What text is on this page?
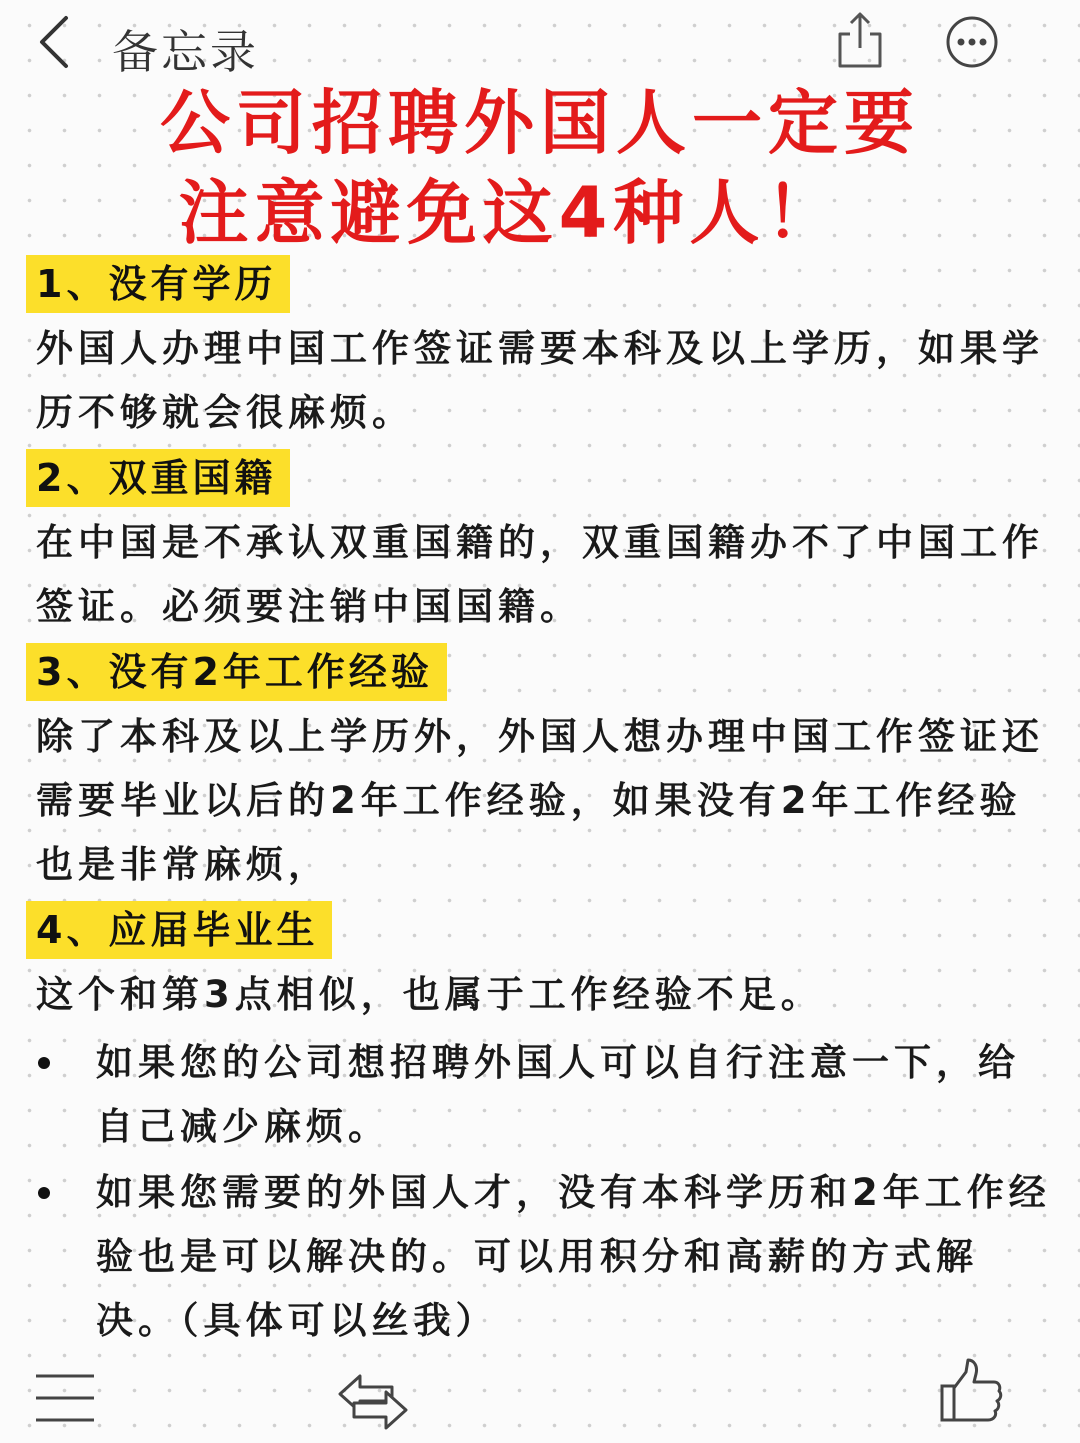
备忘录
公司招聘外国人一定要
注意避免这4种人！
1、没有学历

外国人办理中国工作签证需要本科及以上学历，如果学历不够就会很麻烦。

2、双重国籍

在中国是不承认双重国籍的，双重国籍办不了中国工作签证。必须要注销中国国籍。

3、没有2年工作经验

除了本科及以上学历外，外国人想办理中国工作签证还需要毕业以后的2年工作经验，如果没有2年工作经验也是非常麻烦，

4、应届毕业生

这个和第3点相似，也属于工作经验不足。

如果您的公司想招聘外国人可以自行注意一下，给自己减少麻烦。
如果您需要的外国人才，没有本科学历和2年工作经验也是可以解决的。可以用积分和高薪的方式解决。（具体可以丝我）
